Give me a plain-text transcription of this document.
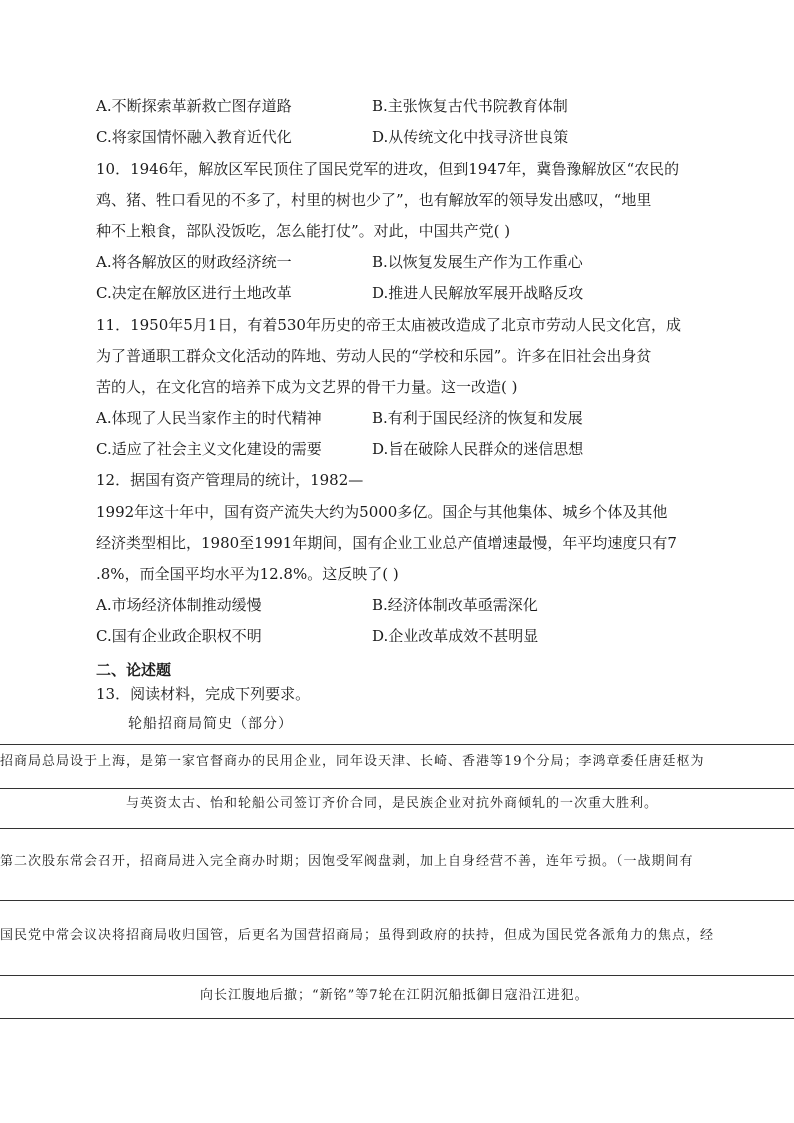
A.不断探索革新救亡图存道路	B.主张恢复古代书院教育体制
C.将家国情怀融入教育近代化	D.从传统文化中找寻济世良策
10．1946年，解放区军民顶住了国民党军的进攻，但到1947年，冀鲁豫解放区“农民的
鸡、猪、牲口看见的不多了，村里的树也少了”，也有解放军的领导发出感叹，“地里
种不上粮食，部队没饭吃，怎么能打仗”。对此，中国共产党( )
A.将各解放区的财政经济统一	B.以恢复发展生产作为工作重心
C.决定在解放区进行土地改革	D.推进人民解放军展开战略反攻
11．1950年5月1日，有着530年历史的帝王太庙被改造成了北京市劳动人民文化宫，成
为了普通职工群众文化活动的阵地、劳动人民的“学校和乐园”。许多在旧社会出身贫
苦的人，在文化宫的培养下成为文艺界的骨干力量。这一改造( )
A.体现了人民当家作主的时代精神	B.有利于国民经济的恢复和发展
C.适应了社会主义文化建设的需要	D.旨在破除人民群众的迷信思想
12．据国有资产管理局的统计，1982—
1992年这十年中，国有资产流失大约为5000多亿。国企与其他集体、城乡个体及其他
经济类型相比，1980至1991年期间，国有企业工业总产值增速最慢，年平均速度只有7
.8%，而全国平均水平为12.8%。这反映了( )
A.市场经济体制推动缓慢	B.经济体制改革亟需深化
C.国有企业政企职权不明	D.企业改革成效不甚明显
二、论述题
13．阅读材料，完成下列要求。
轮船招商局简史（部分）
招商局总局设于上海，是第一家官督商办的民用企业，同年设天津、长崎、香港等19个分局；李鸿章委任唐廷枢为
与英资太古、怡和轮船公司签订齐价合同，是民族企业对抗外商倾轧的一次重大胜利。
第二次股东常会召开，招商局进入完全商办时期；因饱受军阀盘剥，加上自身经营不善，连年亏损。（一战期间有
国民党中常会议决将招商局收归国管，后更名为国营招商局；虽得到政府的扶持，但成为国民党各派角力的焦点，经
向长江腹地后撤；“新铭”等7轮在江阴沉船抵御日寇沿江进犯。
